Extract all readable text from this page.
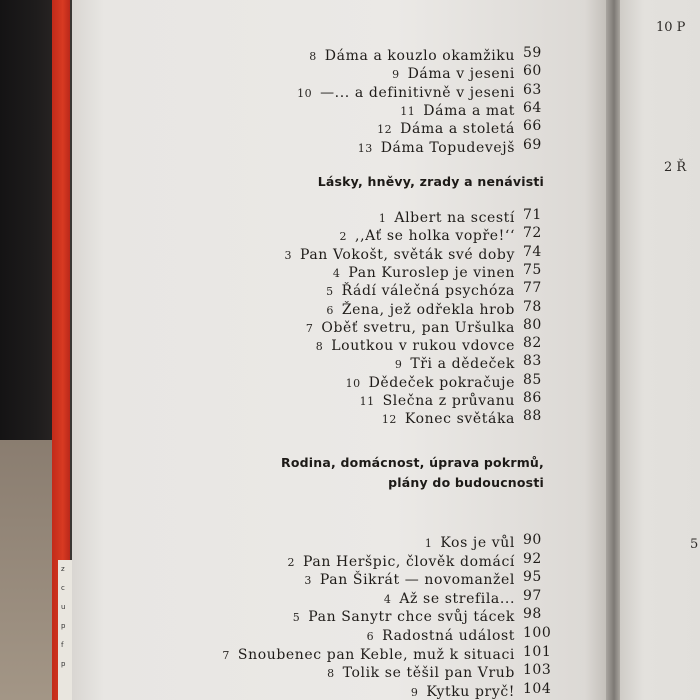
z
c
u
p
f
p
10 P
2 Ř
5
Lásky, hněvy, zrady a nenávisti
Rodina, domácnost, úprava pokrmů,
plány do budoucnosti
8 Dáma a kouzlo okamžiku 59
9 Dáma v jeseni 60
10 —... a definitivně v jeseni 63
11 Dáma a mat 64
12 Dáma a stoletá 66
13 Dáma Topudevejš 69
1 Albert na scestí 71
2 ,,Ať se holka vopře!‘‘ 72
3 Pan Vokošt, světák své doby 74
4 Pan Kuroslep je vinen 75
5 Řádí válečná psychóza 77
6 Žena, jež odřekla hrob 78
7 Oběť svetru, pan Uršulka 80
8 Loutkou v rukou vdovce 82
9 Tři a dědeček 83
10 Dědeček pokračuje 85
11 Slečna z průvanu 86
12 Konec světáka 88
1 Kos je vůl 90
2 Pan Heršpic, člověk domácí 92
3 Pan Šikrát — novomanžel 95
4 Až se strefila... 97
5 Pan Sanytr chce svůj tácek 98
6 Radostná událost 100
7 Snoubenec pan Keble, muž k situaci 101
8 Tolik se těšil pan Vrub 103
9 Kytku pryč! 104
